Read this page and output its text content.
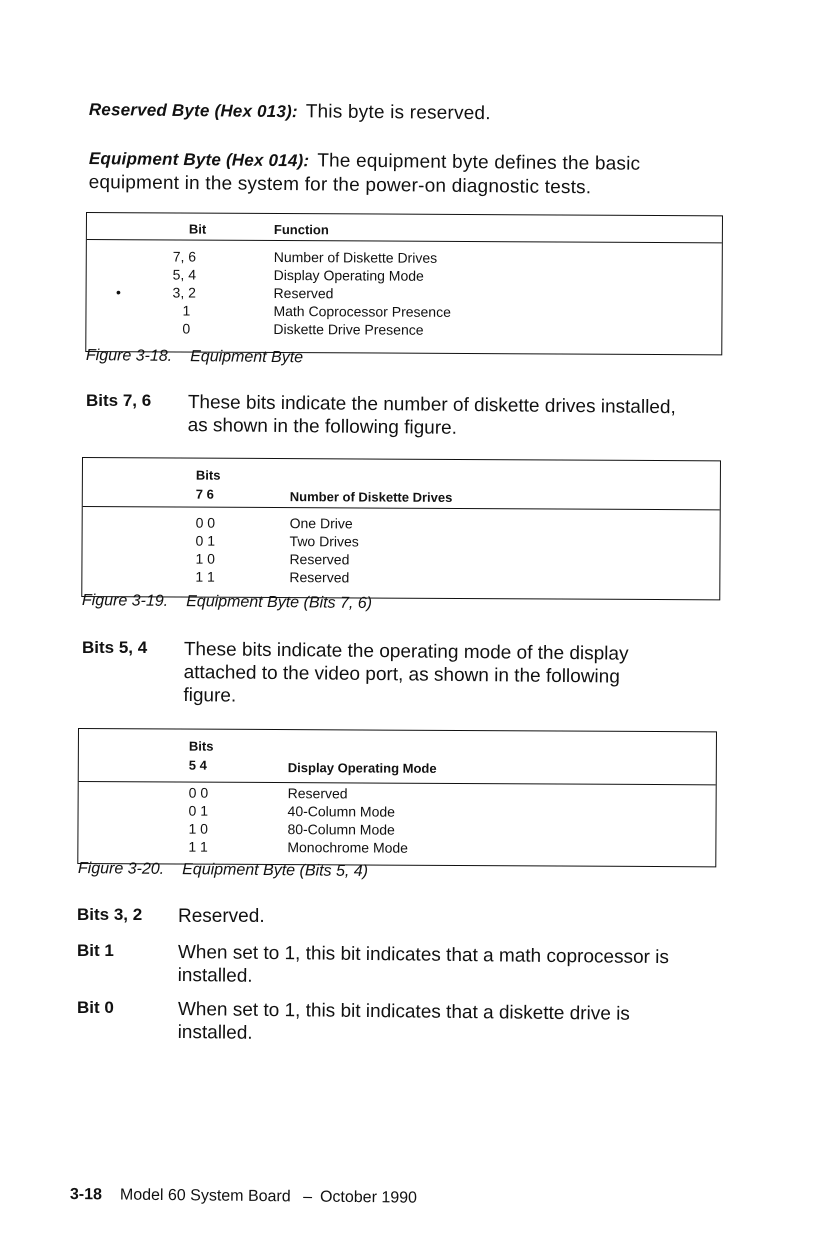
Reserved Byte (Hex 013): This byte is reserved.
Equipment Byte (Hex 014): The equipment byte defines the basic
equipment in the system for the power-on diagnostic tests.
Bit	Function
7, 6	Number of Diskette Drives
5, 4	Display Operating Mode
3, 2	Reserved
1	Math Coprocessor Presence
0	Diskette Drive Presence
•
Figure 3-18. Equipment Byte
Bits 7, 6 These bits indicate the number of diskette drives installed,
as shown in the following figure.
Bits
7 6	Number of Diskette Drives
0 0	One Drive
0 1	Two Drives
1 0	Reserved
1 1	Reserved
Figure 3-19. Equipment Byte (Bits 7, 6)
Bits 5, 4 These bits indicate the operating mode of the display
attached to the video port, as shown in the following
figure.
Bits
5 4	Display Operating Mode
0 0	Reserved
0 1	40-Column Mode
1 0	80-Column Mode
1 1	Monochrome Mode
Figure 3-20. Equipment Byte (Bits 5, 4)
Bits 3, 2 Reserved.
Bit 1	When set to 1, this bit indicates that a math coprocessor is
installed.
Bit 0	When set to 1, this bit indicates that a diskette drive is
installed.
3-18 Model 60 System Board – October 1990
